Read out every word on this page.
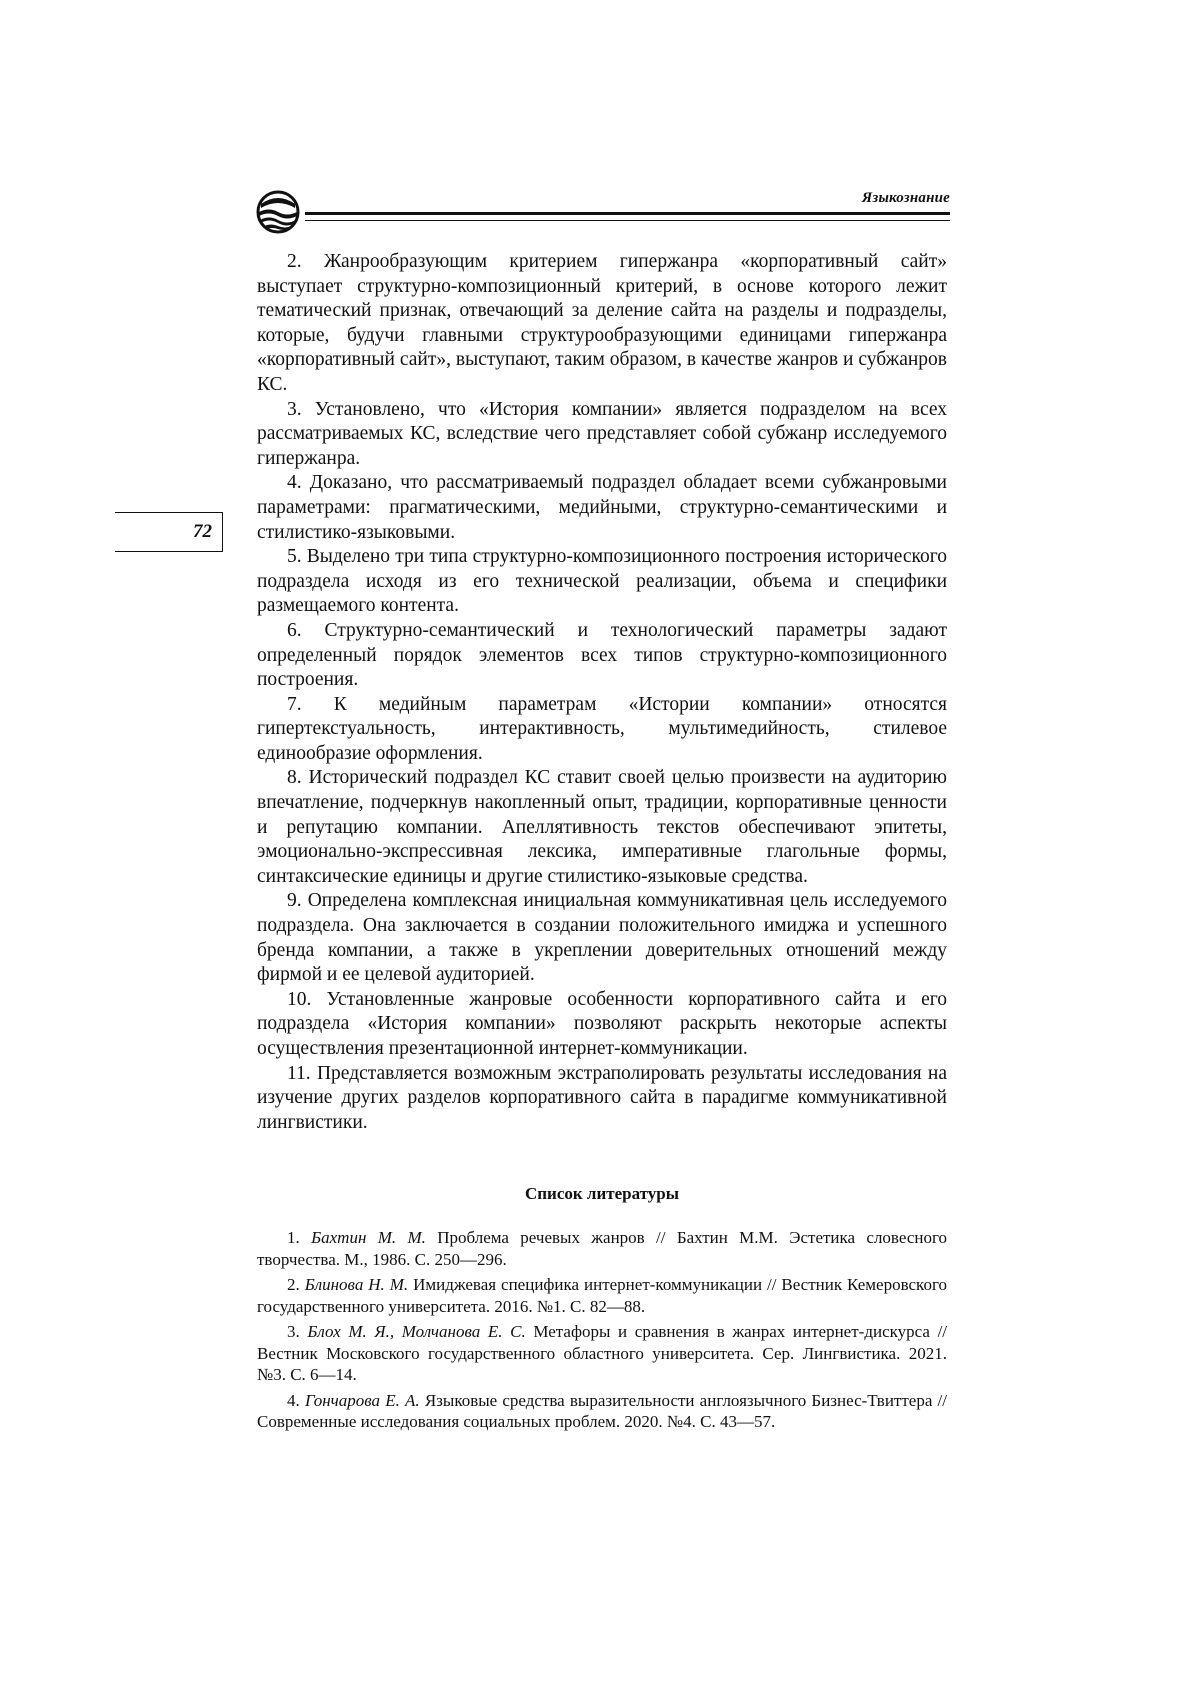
Языкознание
72

2. Жанрообразующим критерием гипержанра «корпоративный сайт» выступает структурно-композиционный критерий, в основе которого лежит тематический признак, отвечающий за деление сайта на разделы и подразделы, которые, будучи главными структурообразующими единицами гипержанра «корпоративный сайт», выступают, таким образом, в качестве жанров и субжанров КС.

3. Установлено, что «История компании» является подразделом на всех рассматриваемых КС, вследствие чего представляет собой субжанр исследуемого гипержанра.

4. Доказано, что рассматриваемый подраздел обладает всеми субжанровыми параметрами: прагматическими, медийными, структурно-семантическими и стилистико-языковыми.

5. Выделено три типа структурно-композиционного построения исторического подраздела исходя из его технической реализации, объема и специфики размещаемого контента.

6. Структурно-семантический и технологический параметры задают определенный порядок элементов всех типов структурно-композиционного построения.

7. К медийным параметрам «Истории компании» относятся гипертекстуальность, интерактивность, мультимедийность, стилевое единообразие оформления.

8. Исторический подраздел КС ставит своей целью произвести на аудиторию впечатление, подчеркнув накопленный опыт, традиции, корпоративные ценности и репутацию компании. Апеллятивность текстов обеспечивают эпитеты, эмоционально-экспрессивная лексика, императивные глагольные формы, синтаксические единицы и другие стилистико-языковые средства.

9. Определена комплексная инициальная коммуникативная цель исследуемого подраздела. Она заключается в создании положительного имиджа и успешного бренда компании, а также в укреплении доверительных отношений между фирмой и ее целевой аудиторией.

10. Установленные жанровые особенности корпоративного сайта и его подраздела «История компании» позволяют раскрыть некоторые аспекты осуществления презентационной интернет-коммуникации.

11. Представляется возможным экстраполировать результаты исследования на изучение других разделов корпоративного сайта в парадигме коммуникативной лингвистики.

Список литературы

1. Бахтин М. М. Проблема речевых жанров // Бахтин М.М. Эстетика словесного творчества. М., 1986. С. 250—296.

2. Блинова Н. М. Имиджевая специфика интернет-коммуникации // Вестник Кемеровского государственного университета. 2016. №1. С. 82—88.

3. Блох М. Я., Молчанова Е. С. Метафоры и сравнения в жанрах интернет-дискурса // Вестник Московского государственного областного университета. Сер. Лингвистика. 2021. №3. С. 6—14.

4. Гончарова Е. А. Языковые средства выразительности англоязычного Бизнес-Твиттера // Современные исследования социальных проблем. 2020. №4. С. 43—57.
